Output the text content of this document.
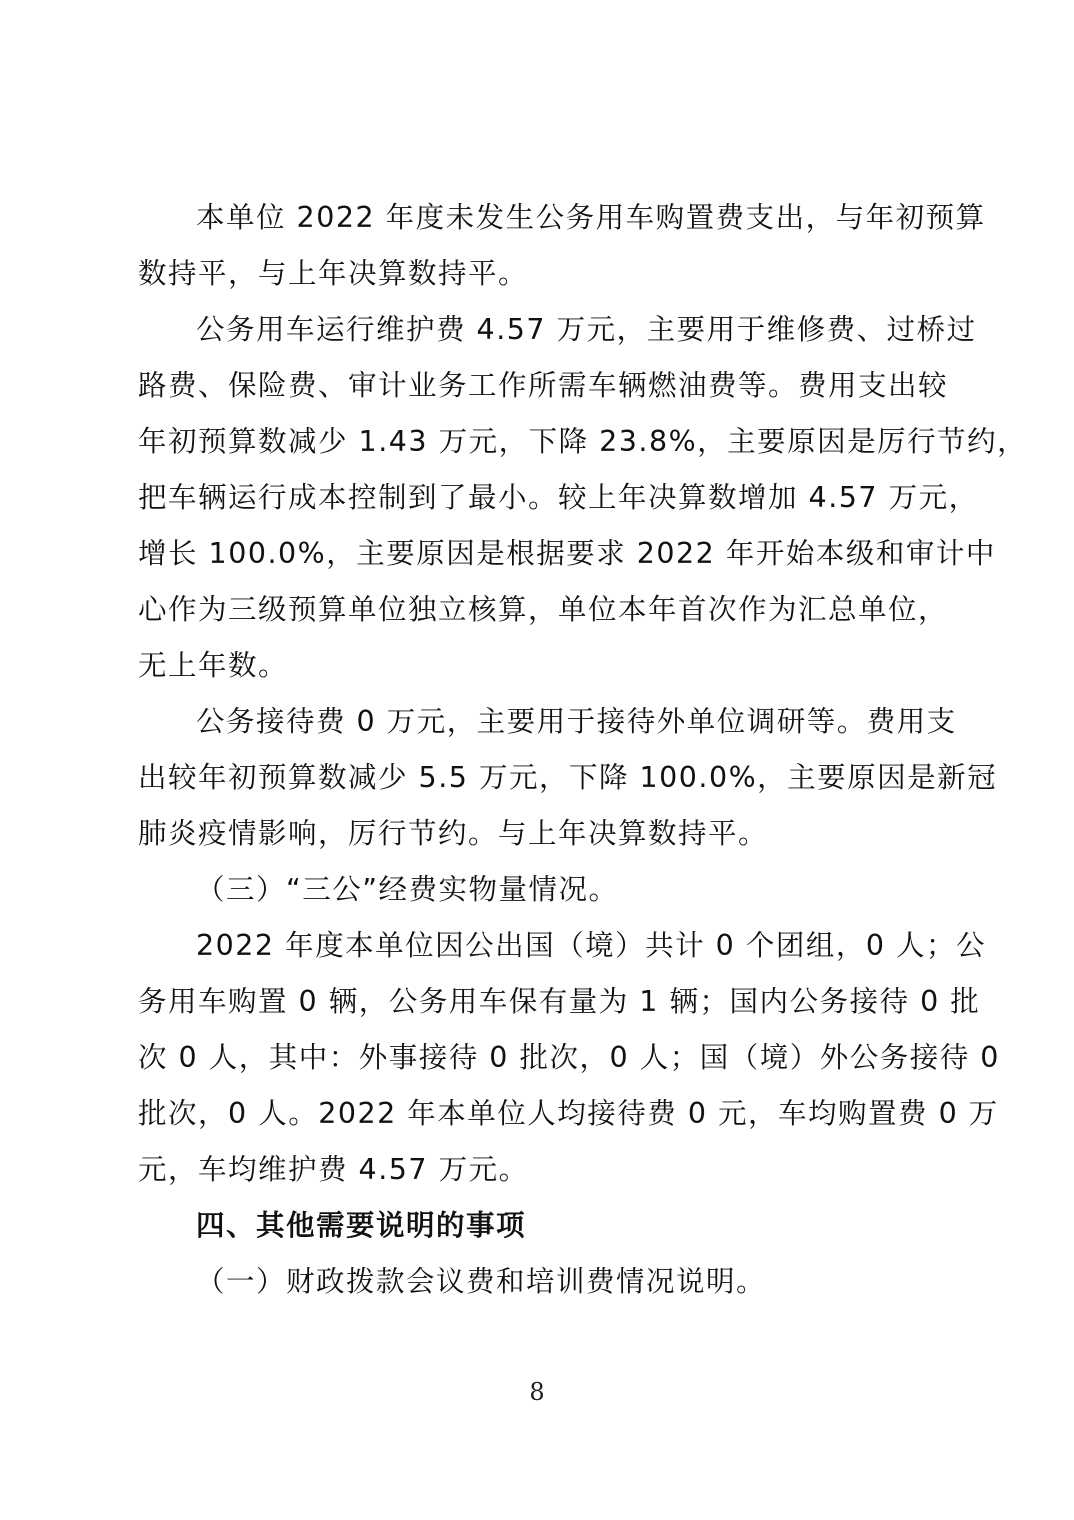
本单位 2022 年度未发生公务用车购置费支出，与年初预算
数持平，与上年决算数持平。
公务用车运行维护费 4.57 万元，主要用于维修费、过桥过
路费、保险费、审计业务工作所需车辆燃油费等。费用支出较
年初预算数减少 1.43 万元，下降 23.8%，主要原因是厉行节约，
把车辆运行成本控制到了最小。较上年决算数增加 4.57 万元，
增长 100.0%，主要原因是根据要求 2022 年开始本级和审计中
心作为三级预算单位独立核算，单位本年首次作为汇总单位，
无上年数。
公务接待费 0 万元，主要用于接待外单位调研等。费用支
出较年初预算数减少 5.5 万元，下降 100.0%，主要原因是新冠
肺炎疫情影响，厉行节约。与上年决算数持平。
（三）“三公”经费实物量情况。
2022 年度本单位因公出国（境）共计 0 个团组，0 人；公
务用车购置 0 辆，公务用车保有量为 1 辆；国内公务接待 0 批
次 0 人，其中：外事接待 0 批次，0 人；国（境）外公务接待 0
批次，0 人。2022 年本单位人均接待费 0 元，车均购置费 0 万
元，车均维护费 4.57 万元。
四、其他需要说明的事项
（一）财政拨款会议费和培训费情况说明。
8
